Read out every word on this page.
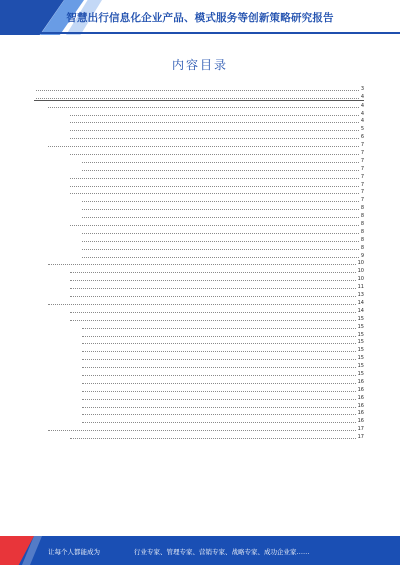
智慧出行信息化企业产品、模式服务等创新策略研究报告
内容目录
3
4
4
4
4
5
6
7
7
7
7
7
7
7
7
8
8
8
8
8
8
9
10
10
10
11
13
14
14
15
15
15
15
15
15
15
15
16
16
16
16
16
16
17
17
让每个人都能成为	行业专家、管理专家、营销专家、战略专家、成功企业家……
